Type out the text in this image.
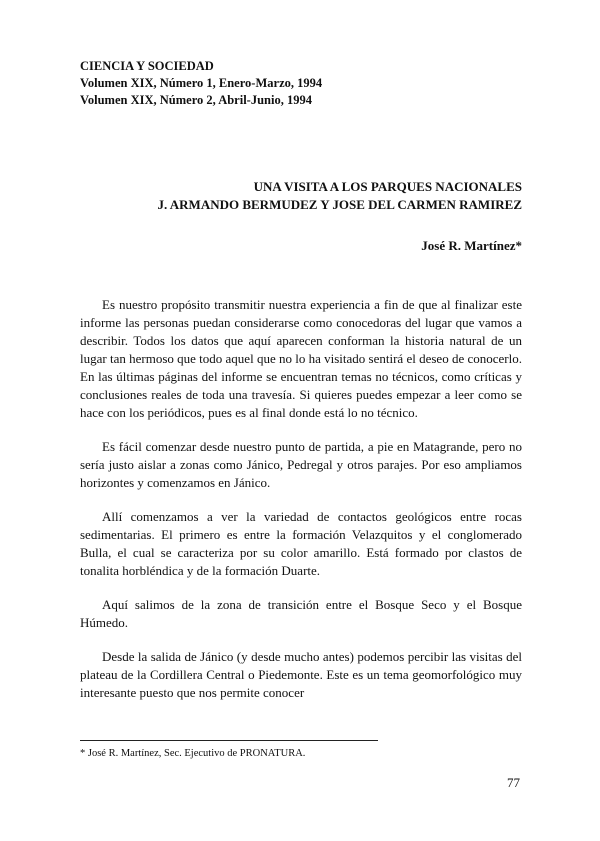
CIENCIA Y SOCIEDAD
Volumen XIX, Número 1, Enero-Marzo, 1994
Volumen XIX, Número 2, Abril-Junio, 1994
UNA VISITA A LOS PARQUES NACIONALES
J. ARMANDO BERMUDEZ Y JOSE DEL CARMEN RAMIREZ
José R. Martínez*

Es nuestro propósito transmitir nuestra experiencia a fin de que al finalizar este informe las personas puedan considerarse como conocedoras del lugar que vamos a describir. Todos los datos que aquí aparecen conforman la historia natural de un lugar tan hermoso que todo aquel que no lo ha visitado sentirá el deseo de conocerlo. En las últimas páginas del informe se encuentran temas no técnicos, como críticas y conclusiones reales de toda una travesía. Si quieres puedes empezar a leer como se hace con los periódicos, pues es al final donde está lo no técnico.

Es fácil comenzar desde nuestro punto de partida, a pie en Matagrande, pero no sería justo aislar a zonas como Jánico, Pedregal y otros parajes. Por eso ampliamos horizontes y comenzamos en Jánico.

Allí comenzamos a ver la variedad de contactos geológicos entre rocas sedimentarias. El primero es entre la formación Velazquitos y el conglomerado Bulla, el cual se caracteriza por su color amarillo. Está formado por clastos de tonalita horbléndica y de la formación Duarte.

Aquí salimos de la zona de transición entre el Bosque Seco y el Bosque Húmedo.

Desde la salida de Jánico (y desde mucho antes) podemos percibir las visitas del plateau de la Cordillera Central o Piedemonte. Este es un tema geomorfológico muy interesante puesto que nos permite conocer

* José R. Martínez, Sec. Ejecutivo de PRONATURA.
77
